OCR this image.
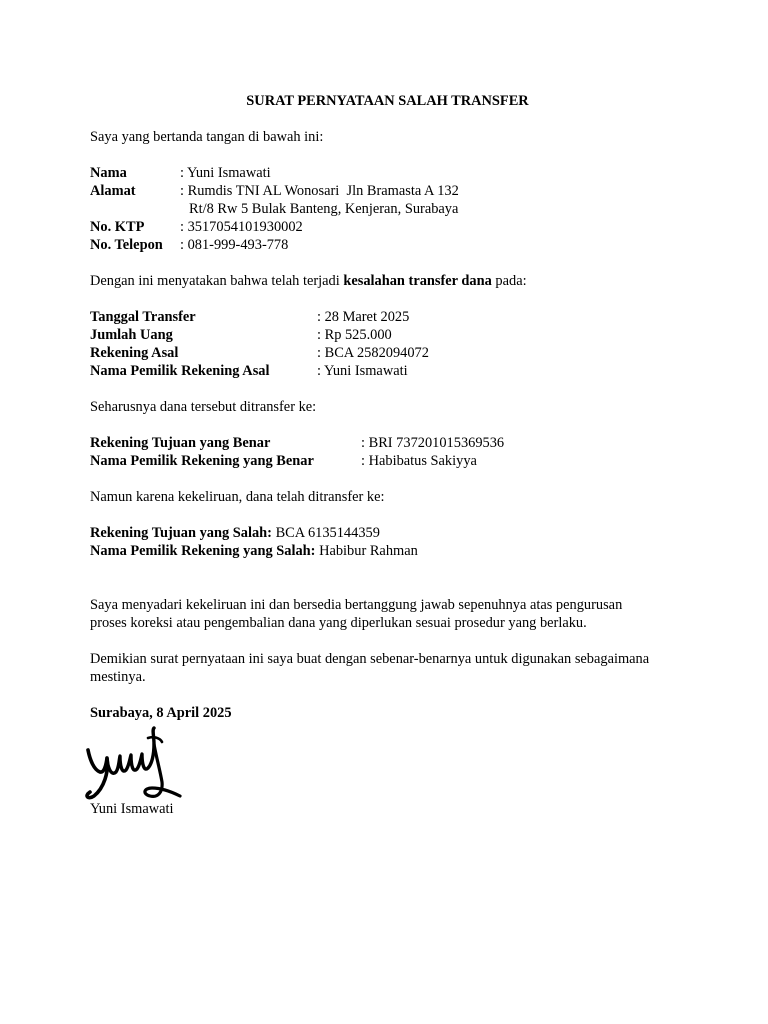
SURAT PERNYATAAN SALAH TRANSFER

Saya yang bertanda tangan di bawah ini:

Nama	: Yuni Ismawati
Alamat	: Rumdis TNI AL Wonosari  Jln Bramasta A 132
Rt/8 Rw 5 Bulak Banteng, Kenjeran, Surabaya
No. KTP	: 3517054101930002
No. Telepon	: 081-999-493-778

Dengan ini menyatakan bahwa telah terjadi kesalahan transfer dana pada:

Tanggal Transfer	: 28 Maret 2025
Jumlah Uang	: Rp 525.000
Rekening Asal	: BCA 2582094072
Nama Pemilik Rekening Asal	: Yuni Ismawati

Seharusnya dana tersebut ditransfer ke:

Rekening Tujuan yang Benar	: BRI 737201015369536
Nama Pemilik Rekening yang Benar	: Habibatus Sakiyya

Namun karena kekeliruan, dana telah ditransfer ke:

Rekening Tujuan yang Salah: BCA 6135144359
Nama Pemilik Rekening yang Salah: Habibur Rahman

Saya menyadari kekeliruan ini dan bersedia bertanggung jawab sepenuhnya atas pengurusan

proses koreksi atau pengembalian dana yang diperlukan sesuai prosedur yang berlaku.

Demikian surat pernyataan ini saya buat dengan sebenar-benarnya untuk digunakan sebagaimana

mestinya.

Surabaya, 8 April 2025

Yuni Ismawati
